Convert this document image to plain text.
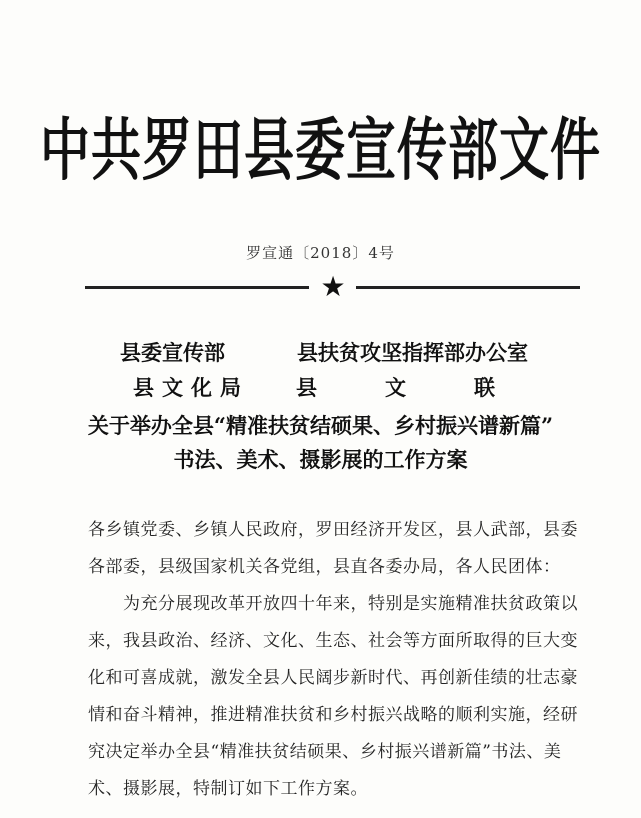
中共罗田县委宣传部文件
罗宣通〔2018〕4号
★
县委宣传部	县扶贫攻坚指挥部办公室
县文化局 县	文	联
关于举办全县“精准扶贫结硕果、乡村振兴谱新篇”
书法、美术、摄影展的工作方案
各乡镇党委、乡镇人民政府，罗田经济开发区，县人武部，县委
各部委，县级国家机关各党组，县直各委办局，各人民团体：
　　为充分展现改革开放四十年来，特别是实施精准扶贫政策以
来，我县政治、经济、文化、生态、社会等方面所取得的巨大变
化和可喜成就，激发全县人民阔步新时代、再创新佳绩的壮志豪
情和奋斗精神，推进精准扶贫和乡村振兴战略的顺利实施，经研
究决定举办全县“精准扶贫结硕果、乡村振兴谱新篇”书法、美
术、摄影展，特制订如下工作方案。
